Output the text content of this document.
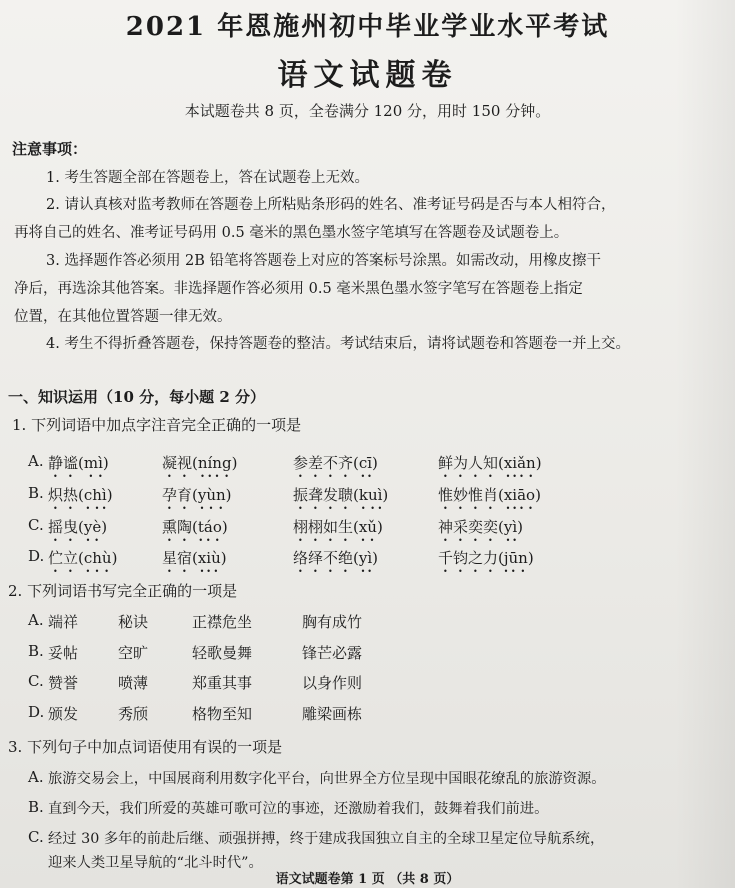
2021 年恩施州初中毕业学业水平考试
语文试题卷
本试题卷共 8 页，全卷满分 120 分，用时 150 分钟。
注意事项：
1. 考生答题全部在答题卷上，答在试题卷上无效。
2. 请认真核对监考教师在答题卷上所粘贴条形码的姓名、准考证号码是否与本人相符合，
再将自己的姓名、准考证号码用 0.5 毫米的黑色墨水签字笔填写在答题卷及试题卷上。
3. 选择题作答必须用 2B 铅笔将答题卷上对应的答案标号涂黑。如需改动，用橡皮擦干
净后，再选涂其他答案。非选择题作答必须用 0.5 毫米黑色墨水签字笔写在答题卷上指定
位置，在其他位置答题一律无效。
4. 考生不得折叠答题卷，保持答题卷的整洁。考试结束后，请将试题卷和答题卷一并上交。
一、知识运用（10 分，每小题 2 分）
1. 下列词语中加点字注音完全正确的一项是
A. 静谧(mì)	凝视(níng)	参差不齐(cī)	鲜为人知(xiǎn)
B. 炽热(chì)	孕育(yùn)	振聋发聩(kuì)	惟妙惟肖(xiāo)
C. 摇曳(yè)	熏陶(táo)	栩栩如生(xǔ)	神采奕奕(yì)
D. 伫立(chù)	星宿(xiù)	络绎不绝(yì)	千钧之力(jūn)
2. 下列词语书写完全正确的一项是
A. 端祥	秘诀	正襟危坐	胸有成竹
B. 妥帖	空旷	轻歌曼舞	锋芒必露
C. 赞誉	喷薄	郑重其事	以身作则
D. 颁发	秀颀	格物至知	雕梁画栋
3. 下列句子中加点词语使用有误的一项是
A. 旅游交易会上，中国展商利用数字化平台，向世界全方位呈现中国眼花缭乱的旅游资源。
B. 直到今天，我们所爱的英雄可歌可泣的事迹，还激励着我们，鼓舞着我们前进。
C. 经过 30 多年的前赴后继、顽强拼搏，终于建成我国独立自主的全球卫星定位导航系统，
迎来人类卫星导航的“北斗时代”。
语文试题卷第 1 页 （共 8 页）
